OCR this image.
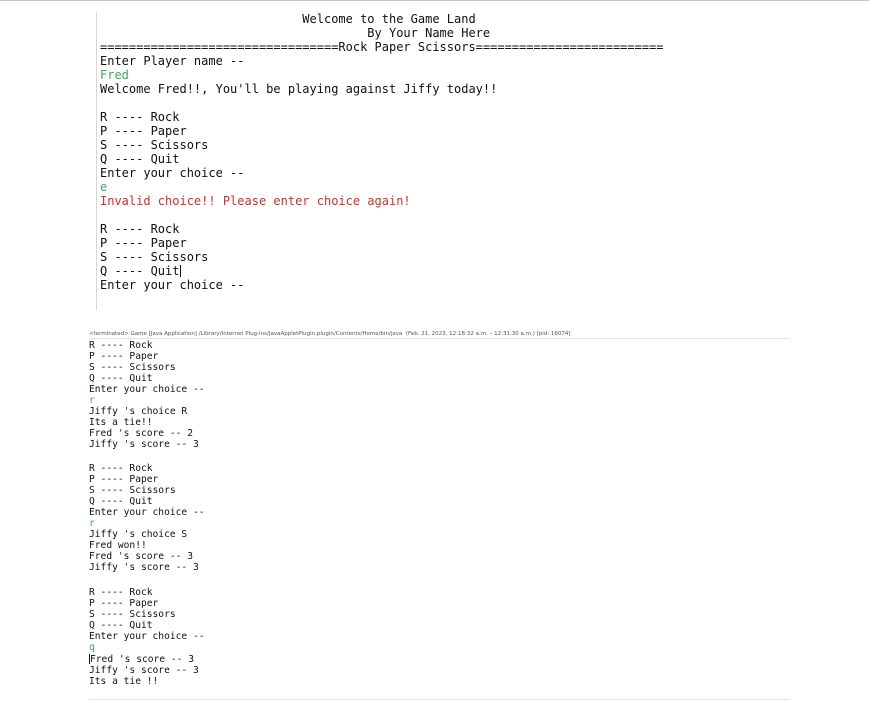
Welcome to the Game Land
By Your Name Here
=================================Rock Paper Scissors==========================
Enter Player name --
Fred
Welcome Fred!!, You'll be playing against Jiffy today!!
R ---- Rock
P ---- Paper
S ---- Scissors
Q ---- Quit
Enter your choice --
e
Invalid choice!! Please enter choice again!
R ---- Rock
P ---- Paper
S ---- Scissors
Q ---- Quit
Enter your choice --
<terminated> Game [Java Application] /Library/Internet Plug-Ins/JavaAppletPlugin.plugin/Contents/Home/bin/java  (Feb. 21, 2023, 12:18:32 a.m. – 12:31:30 a.m.) [pid: 16074]
R ---- Rock
P ---- Paper
S ---- Scissors
Q ---- Quit
Enter your choice --
r
Jiffy 's choice R
Its a tie!!
Fred 's score -- 2
Jiffy 's score -- 3
R ---- Rock
P ---- Paper
S ---- Scissors
Q ---- Quit
Enter your choice --
r
Jiffy 's choice S
Fred won!!
Fred 's score -- 3
Jiffy 's score -- 3
R ---- Rock
P ---- Paper
S ---- Scissors
Q ---- Quit
Enter your choice --
q
Fred 's score -- 3
Jiffy 's score -- 3
Its a tie !!
